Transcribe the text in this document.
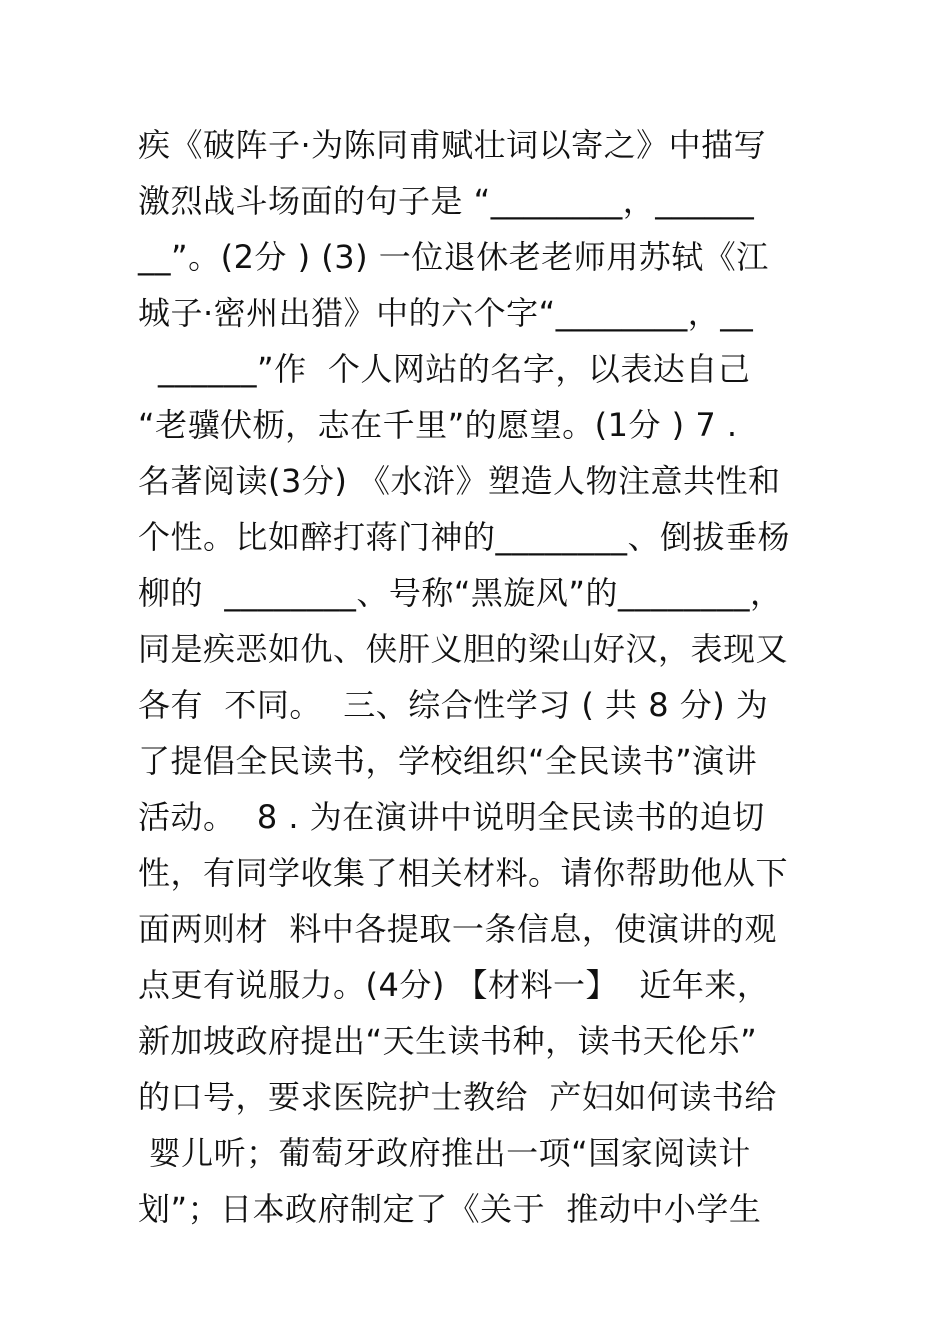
疾《破阵子·为陈同甫赋壮词以寄之》中描写
激烈战斗场面的句子是 “________，______
__”。(2分 ) (3) 一位退休老老师用苏轼《江
城子·密州出猎》中的六个字“________，__
______”作  个人网站的名字，以表达自己
“老骥伏枥，志在千里”的愿望。(1分 ) 7 .
名著阅读(3分) 《水浒》塑造人物注意共性和
个性。比如醉打蒋门神的________、倒拔垂杨
柳的  ________、号称“黑旋风”的________，
同是疾恶如仇、侠肝义胆的梁山好汉，表现又
各有  不同。  三、综合性学习 ( 共 8 分) 为
了提倡全民读书，学校组织“全民读书”演讲
活动。  8 . 为在演讲中说明全民读书的迫切
性，有同学收集了相关材料。请你帮助他从下
面两则材  料中各提取一条信息，使演讲的观
点更有说服力。(4分) 【材料一】  近年来，
新加坡政府提出“天生读书种，读书天伦乐”
的口号，要求医院护士教给  产妇如何读书给
婴儿听；葡萄牙政府推出一项“国家阅读计
划”；日本政府制定了《关于  推动中小学生
